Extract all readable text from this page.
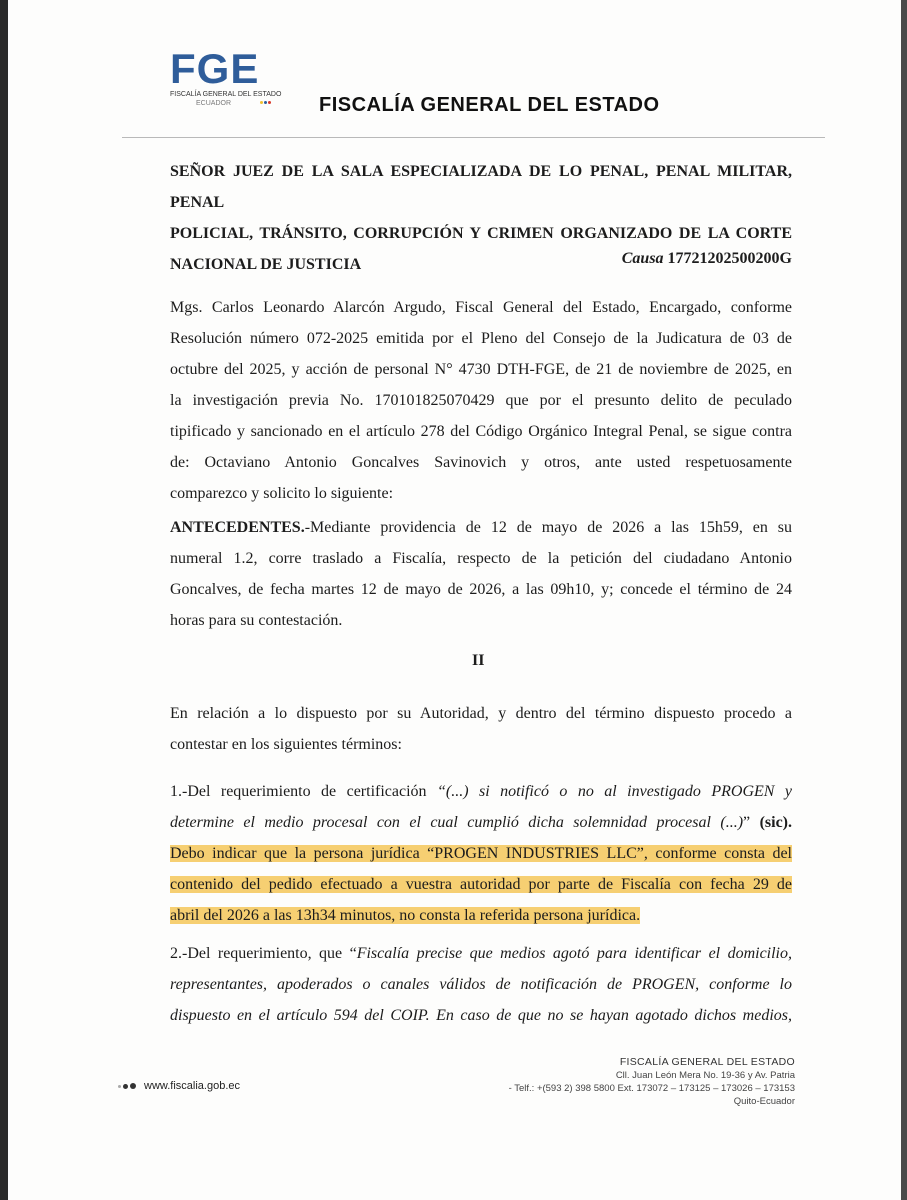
FGE
FISCALÍA GENERAL DEL ESTADO
ECUADOR	FISCALÍA GENERAL DEL ESTADO
SEÑOR JUEZ DE LA SALA ESPECIALIZADA DE LO PENAL, PENAL MILITAR, PENAL
POLICIAL, TRÁNSITO, CORRUPCIÓN Y CRIMEN ORGANIZADO DE LA CORTE
NACIONAL DE JUSTICIA	Causa 17721202500200G
Mgs. Carlos Leonardo Alarcón Argudo, Fiscal General del Estado, Encargado, conforme
Resolución número 072-2025 emitida por el Pleno del Consejo de la Judicatura de 03 de
octubre del 2025, y acción de personal N° 4730 DTH-FGE, de 21 de noviembre de 2025, en
la investigación previa No. 170101825070429 que por el presunto delito de peculado
tipificado y sancionado en el artículo 278 del Código Orgánico Integral Penal, se sigue contra
de: Octaviano Antonio Goncalves Savinovich y otros, ante usted respetuosamente
comparezco y solicito lo siguiente:
ANTECEDENTES.-Mediante providencia de 12 de mayo de 2026 a las 15h59, en su
numeral 1.2, corre traslado a Fiscalía, respecto de la petición del ciudadano Antonio
Goncalves, de fecha martes 12 de mayo de 2026, a las 09h10, y; concede el término de 24
horas para su contestación.
II
En relación a lo dispuesto por su Autoridad, y dentro del término dispuesto procedo a
contestar en los siguientes términos:
1.-Del requerimiento de certificación “(...) si notificó o no al investigado PROGEN y
determine el medio procesal con el cual cumplió dicha solemnidad procesal (...)” (sic).
Debo indicar que la persona jurídica “PROGEN INDUSTRIES LLC”, conforme consta del
contenido del pedido efectuado a vuestra autoridad por parte de Fiscalía con fecha 29 de
abril del 2026 a las 13h34 minutos, no consta la referida persona jurídica.
2.-Del requerimiento, que “Fiscalía precise que medios agotó para identificar el domicilio,
representantes, apoderados o canales válidos de notificación de PROGEN, conforme lo
dispuesto en el artículo 594 del COIP. En caso de que no se hayan agotado dichos medios,
www.fiscalia.gob.ec
FISCALÍA GENERAL DEL ESTADO
Cll. Juan León Mera No. 19-36 y Av. Patria
- Telf.: +(593 2) 398 5800 Ext. 173072 – 173125 – 173026 – 173153
Quito-Ecuador
